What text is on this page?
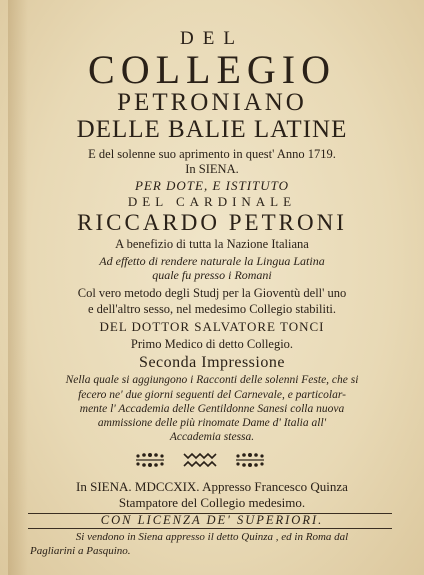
DEL
COLLEGIO
PETRONIANO
DELLE BALIE LATINE
E del solenne suo aprimento in quest' Anno 1719.
In SIENA.
PER DOTE, E ISTITUTO
DEL CARDINALE
RICCARDO PETRONI
A benefizio di tutta la Nazione Italiana
Ad effetto di rendere naturale la Lingua Latina
quale fu presso i Romani
Col vero metodo degli Studj per la Gioventù dell' uno
e dell'altro sesso, nel medesimo Collegio stabiliti.
DEL DOTTOR SALVATORE TONCI
Primo Medico di detto Collegio.
Seconda Impressione
Nella quale si aggiungono i Racconti delle solenni Feste, che si
fecero ne' due giorni seguenti del Carnevale, e particolar-
mente l' Accademia delle Gentildonne Sanesi colla nuova
ammissione delle più rinomate Dame d' Italia all'
Accademia stessa.
In SIENA. MDCCXIX. Appresso Francesco Quinza
Stampatore del Collegio medesimo.
CON LICENZA DE' SUPERIORI.
Si vendono in Siena appresso il detto Quinza , ed in Roma dal
Pagliarini a Pasquino.
